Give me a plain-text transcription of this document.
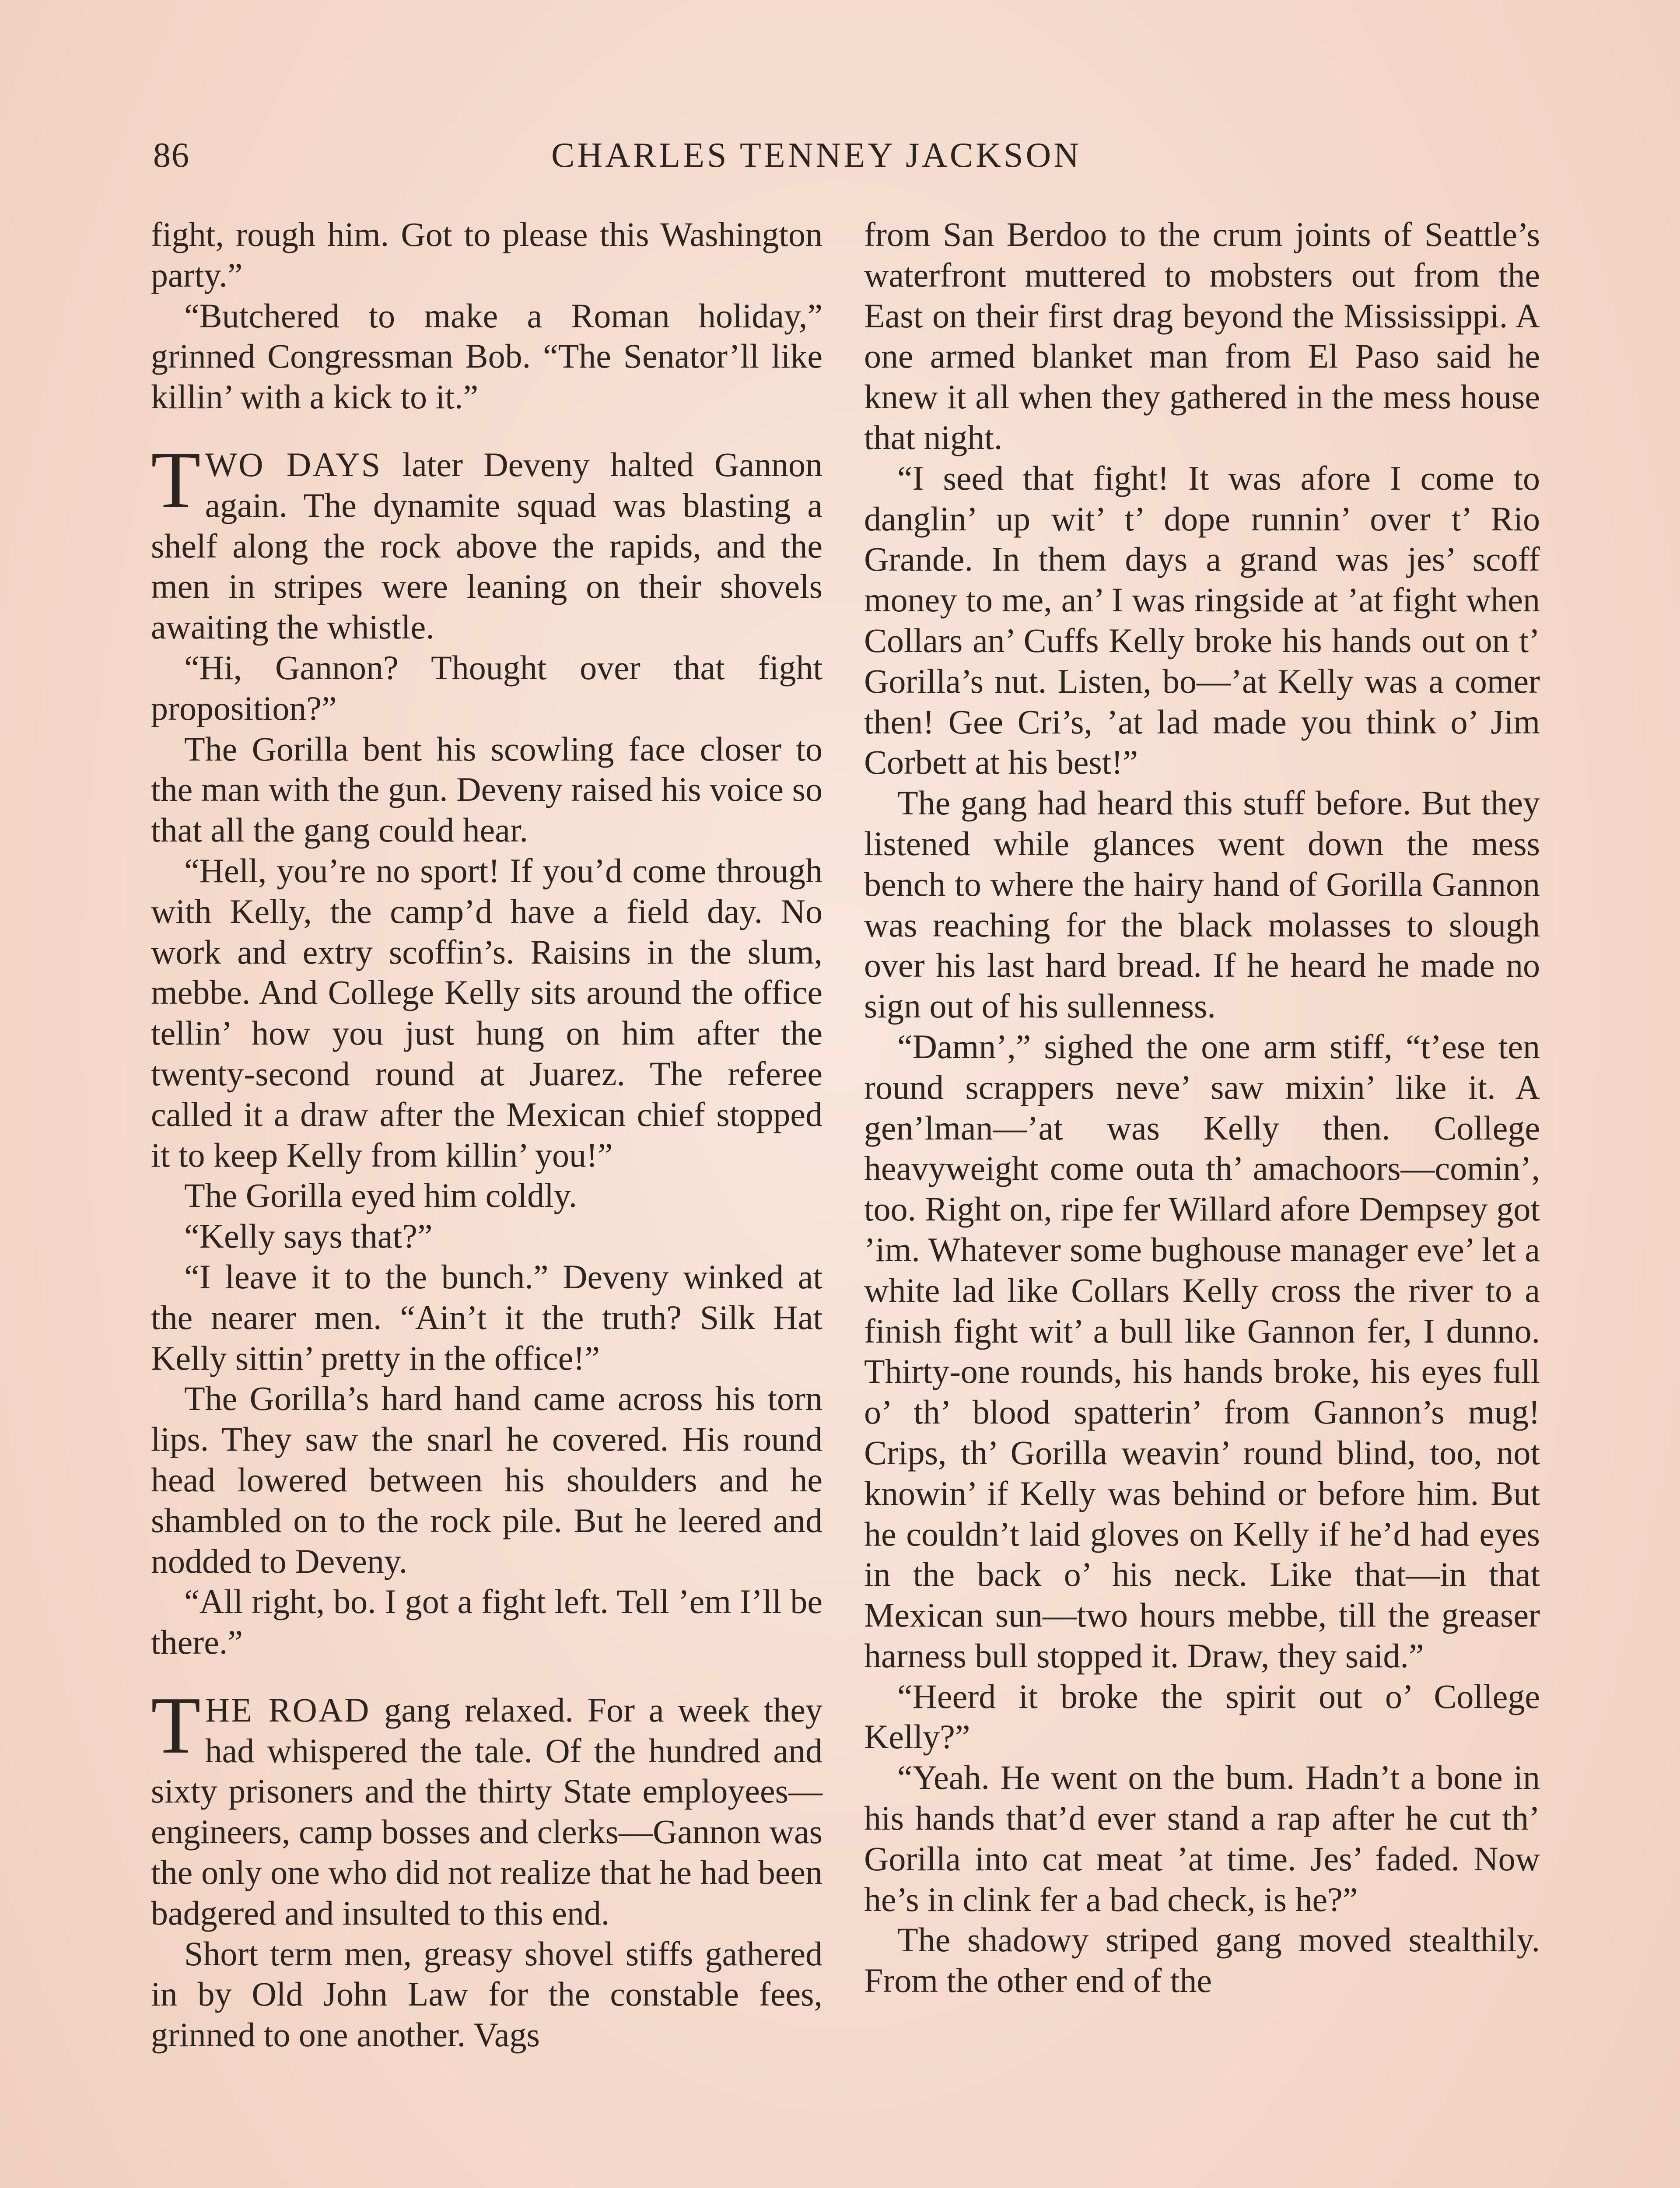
86	CHARLES TENNEY JACKSON

fight, rough him. Got to please this Washington party.”

“Butchered to make a Roman holiday,” grinned Congressman Bob. “The Senator’ll like killin’ with a kick to it.”

TWO DAYS later Deveny halted Gannon again. The dynamite squad was blasting a shelf along the rock above the rapids, and the men in stripes were leaning on their shovels awaiting the whistle.

“Hi, Gannon? Thought over that fight proposition?”

The Gorilla bent his scowling face closer to the man with the gun. Deveny raised his voice so that all the gang could hear.

“Hell, you’re no sport! If you’d come through with Kelly, the camp’d have a field day. No work and extry scoffin’s. Raisins in the slum, mebbe. And College Kelly sits around the office tellin’ how you just hung on him after the twenty-second round at Juarez. The referee called it a draw after the Mexican chief stopped it to keep Kelly from killin’ you!”

The Gorilla eyed him coldly.

“Kelly says that?”

“I leave it to the bunch.” Deveny winked at the nearer men. “Ain’t it the truth? Silk Hat Kelly sittin’ pretty in the office!”

The Gorilla’s hard hand came across his torn lips. They saw the snarl he covered. His round head lowered between his shoulders and he shambled on to the rock pile. But he leered and nodded to Deveny.

“All right, bo. I got a fight left. Tell ’em I’ll be there.”

THE ROAD gang relaxed. For a week they had whispered the tale. Of the hundred and sixty prisoners and the thirty State employees—engineers, camp bosses and clerks—Gannon was the only one who did not realize that he had been badgered and insulted to this end.

Short term men, greasy shovel stiffs gathered in by Old John Law for the constable fees, grinned to one another. Vags

from San Berdoo to the crum joints of Seattle’s waterfront muttered to mobsters out from the East on their first drag beyond the Mississippi. A one armed blanket man from El Paso said he knew it all when they gathered in the mess house that night.

“I seed that fight! It was afore I come to danglin’ up wit’ t’ dope runnin’ over t’ Rio Grande. In them days a grand was jes’ scoff money to me, an’ I was ringside at ’at fight when Collars an’ Cuffs Kelly broke his hands out on t’ Gorilla’s nut. Listen, bo—’at Kelly was a comer then! Gee Cri’s, ’at lad made you think o’ Jim Corbett at his best!”

The gang had heard this stuff before. But they listened while glances went down the mess bench to where the hairy hand of Gorilla Gannon was reaching for the black molasses to slough over his last hard bread. If he heard he made no sign out of his sullenness.

“Damn’,” sighed the one arm stiff, “t’ese ten round scrappers neve’ saw mixin’ like it. A gen’lman—’at was Kelly then. College heavyweight come outa th’ amachoors—comin’, too. Right on, ripe fer Willard afore Dempsey got ’im. Whatever some bughouse manager eve’ let a white lad like Collars Kelly cross the river to a finish fight wit’ a bull like Gannon fer, I dunno. Thirty-one rounds, his hands broke, his eyes full o’ th’ blood spatterin’ from Gannon’s mug! Crips, th’ Gorilla weavin’ round blind, too, not knowin’ if Kelly was behind or before him. But he couldn’t laid gloves on Kelly if he’d had eyes in the back o’ his neck. Like that—in that Mexican sun—two hours mebbe, till the greaser harness bull stopped it. Draw, they said.”

“Heerd it broke the spirit out o’ College Kelly?”

“Yeah. He went on the bum. Hadn’t a bone in his hands that’d ever stand a rap after he cut th’ Gorilla into cat meat ’at time. Jes’ faded. Now he’s in clink fer a bad check, is he?”

The shadowy striped gang moved stealthily. From the other end of the
